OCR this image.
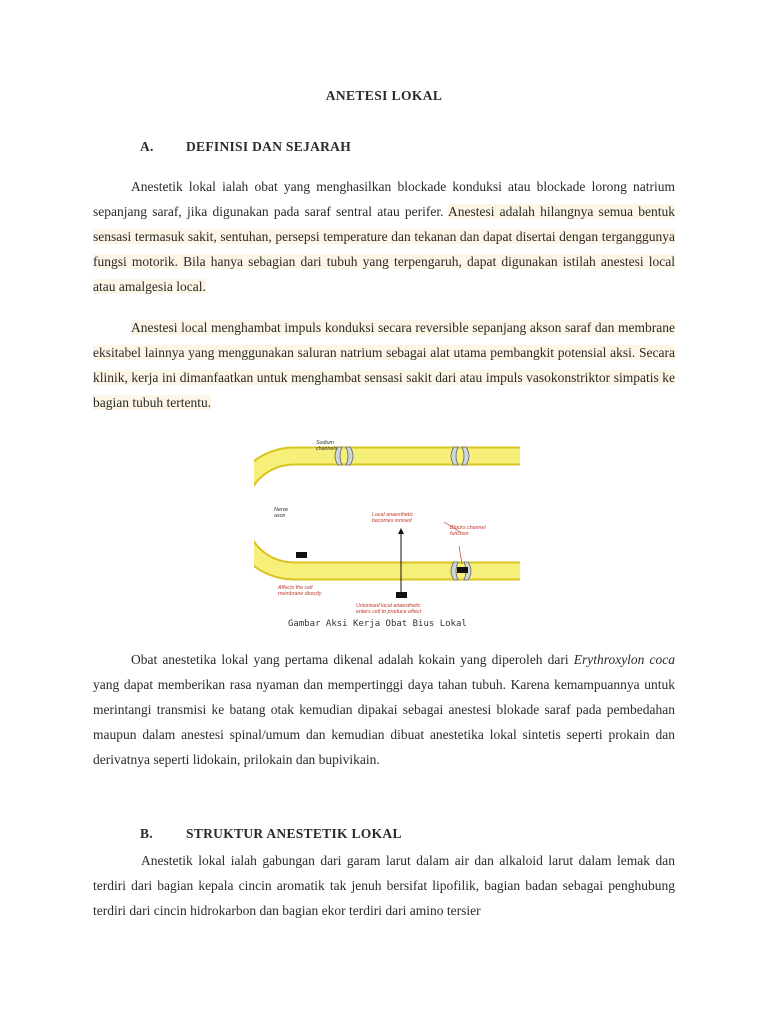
ANETESI LOKAL
A. DEFINISI DAN SEJARAH
Anestetik lokal ialah obat yang menghasilkan blockade konduksi atau blockade lorong natrium sepanjang saraf, jika digunakan pada saraf sentral atau perifer. Anestesi adalah hilangnya semua bentuk sensasi termasuk sakit, sentuhan, persepsi temperature dan tekanan dan dapat disertai dengan terganggunya fungsi motorik. Bila hanya sebagian dari tubuh yang terpengaruh, dapat digunakan istilah anestesi local atau amalgesia local.
Anestesi local menghambat impuls konduksi secara reversible sepanjang akson saraf dan membrane eksitabel lainnya yang menggunakan saluran natrium sebagai alat utama pembangkit potensial aksi. Secara klinik, kerja ini dimanfaatkan untuk menghambat sensasi sakit dari atau impuls vasokonstriktor simpatis ke bagian tubuh tertentu.
Sodium channels
Nerve axon	Local anaesthetic becomes ionised
Blocks channel function
Affects the cell membrane directly
Unionised local anaesthetic enters cell to produce effect
Gambar Aksi Kerja Obat Bius Lokal
Obat anestetika lokal yang pertama dikenal adalah kokain yang diperoleh dari Erythroxylon coca yang dapat memberikan rasa nyaman dan mempertinggi daya tahan tubuh. Karena kemampuannya untuk merintangi transmisi ke batang otak kemudian dipakai sebagai anestesi blokade saraf pada pembedahan maupun dalam anestesi spinal/umum dan kemudian dibuat anestetika lokal sintetis seperti prokain dan derivatnya seperti lidokain, prilokain dan bupivikain.
B. STRUKTUR ANESTETIK LOKAL
Anestetik lokal ialah gabungan dari garam larut dalam air dan alkaloid larut dalam lemak dan terdiri dari bagian kepala cincin aromatik tak jenuh bersifat lipofilik, bagian badan sebagai penghubung terdiri dari cincin hidrokarbon dan bagian ekor terdiri dari amino tersier
